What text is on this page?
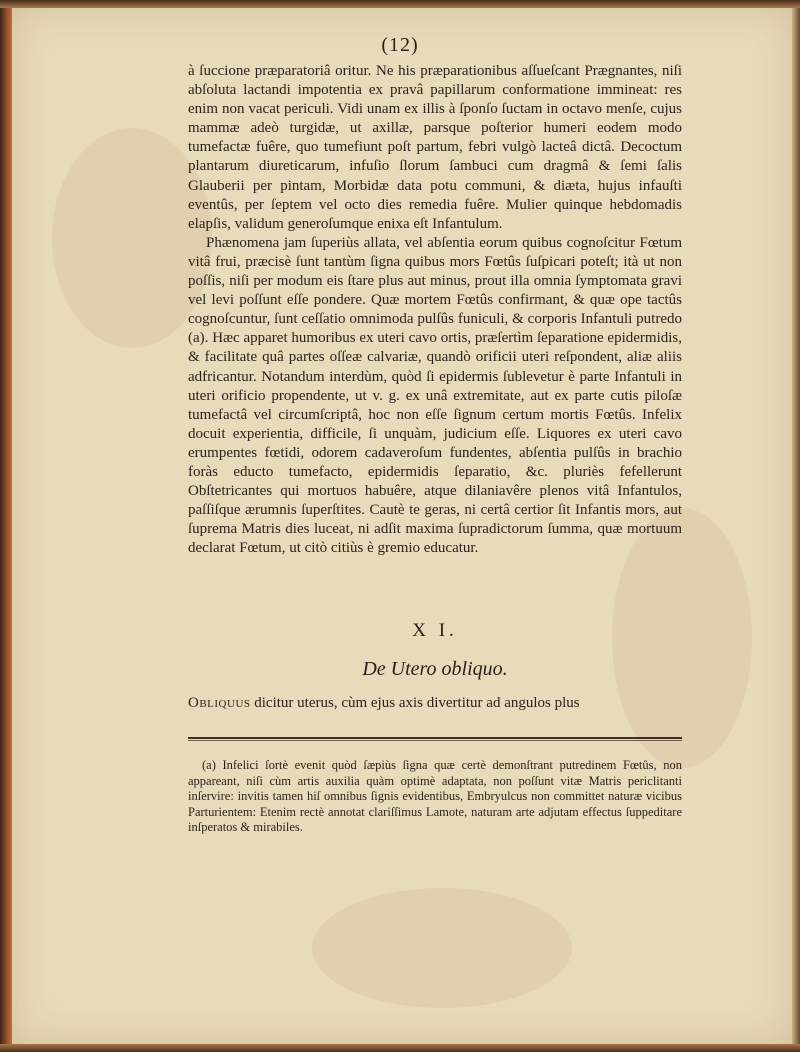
(12)

à ſuccione præparatoriâ oritur. Ne his præparationibus aſſueſcant Prægnantes, niſi abſoluta lactandi impotentia ex pravâ papillarum conformatione immineat: res enim non vacat periculi. Vidi unam ex illis à ſponſo ſuctam in octavo menſe, cujus mammæ adeò turgidæ, ut axillæ, parsque poſterior humeri eodem modo tumefactæ fuêre, quo tumefiunt poſt partum, febri vulgò lacteâ dictâ. Decoctum plantarum diureticarum, infuſio ſlorum ſambuci cum dragmâ & ſemi ſalis Glauberii per pintam, Morbidæ data potu communi, & diæta, hujus infauſti eventûs, per ſeptem vel octo dies remedia fuêre. Mulier quinque hebdomadis elapſis, validum generoſumque enixa eſt Infantulum.

Phænomena jam ſuperiùs allata, vel abſentia eorum quibus cognoſcitur Fœtum vitâ frui, præcisè ſunt tantùm ſigna quibus mors Fœtûs ſuſpicari poteſt; ità ut non poſſis, niſi per modum eis ſtare plus aut minus, prout illa omnia ſymptomata gravi vel levi poſſunt eſſe pondere. Quæ mortem Fœtûs confirmant, & quæ ope tactûs cognoſcuntur, ſunt ceſſatio omnimoda pulſûs funiculi, & corporis Infantuli putredo (a). Hæc apparet humoribus ex uteri cavo ortis, præſertìm ſeparatione epidermidis, & facilitate quâ partes oſſeæ calvariæ, quandò orificii uteri reſpondent, aliæ aliis adfricantur. Notandum interdùm, quòd ſi epidermis ſublevetur è parte Infantuli in uteri orificio propendente, ut v. g. ex unâ extremitate, aut ex parte cutis piloſæ tumefactâ vel circumſcriptâ, hoc non eſſe ſignum certum mortis Fœtûs. Infelix docuit experientia, difficile, ſi unquàm, judicium eſſe. Liquores ex uteri cavo erumpentes fœtidi, odorem cadaveroſum fundentes, abſentia pulſûs in brachio foràs educto tumefacto, epidermidis ſeparatio, &c. pluriès fefellerunt Obſtetricantes qui mortuos habuêre, atque dilaniavêre plenos vitâ Infantulos, paſſiſque ærumnis ſuperſtites. Cautè te geras, ni certâ certior ſit Infantis mors, aut ſuprema Matris dies luceat, ni adſit maxima ſupradictorum ſumma, quæ mortuum declarat Fœtum, ut citò citiùs è gremio educatur.

X I.
De Utero obliquo.
Obliquus dicitur uterus, cùm ejus axis divertitur ad angulos plus

(a) Infelici ſortè evenit quòd ſæpiùs ſigna quæ certè demonſtrant putredinem Fœtûs, non appareant, niſi cùm artis auxilia quàm optimè adaptata, non poſſunt vitæ Matris periclitanti inſervire: invitis tamen hiſ omnibus ſignis evidentibus, Embryulcus non committet naturæ vicibus Parturientem: Etenim rectè annotat clariſſimus Lamote, naturam arte adjutam effectus ſuppeditare inſperatos & mirabiles.
